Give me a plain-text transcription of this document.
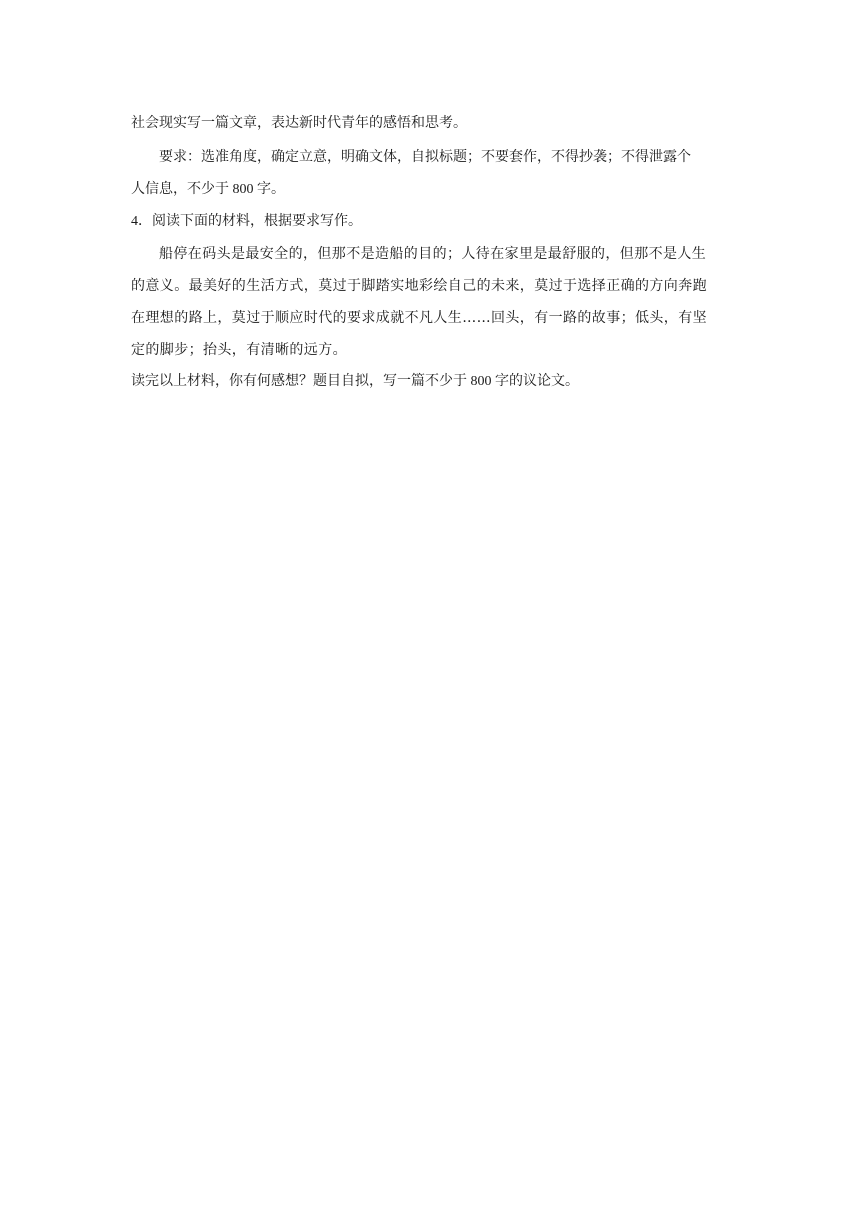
社会现实写一篇文章，表达新时代青年的感悟和思考。
要求：选准角度，确定立意，明确文体，自拟标题；不要套作，不得抄袭；不得泄露个
人信息，不少于 800 字。
4．阅读下面的材料，根据要求写作。
船停在码头是最安全的，但那不是造船的目的；人待在家里是最舒服的，但那不是人生
的意义。最美好的生活方式，莫过于脚踏实地彩绘自己的未来，莫过于选择正确的方向奔跑
在理想的路上，莫过于顺应时代的要求成就不凡人生……回头，有一路的故事；低头，有坚
定的脚步；抬头，有清晰的远方。
读完以上材料，你有何感想？题目自拟，写一篇不少于 800 字的议论文。
